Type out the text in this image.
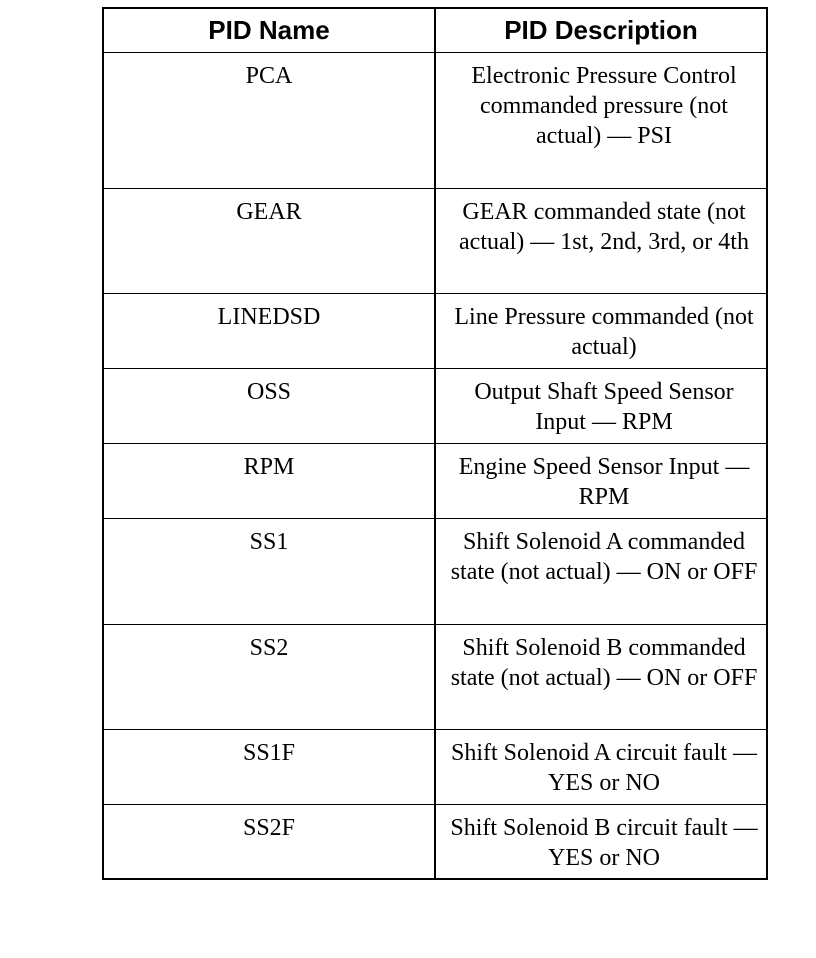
PID Name	PID Description
PCA	Electronic Pressure Control commanded pressure (not actual) — PSI
GEAR	GEAR commanded state (not actual) — 1st, 2nd, 3rd, or 4th
LINEDSD	Line Pressure commanded (not actual)
OSS	Output Shaft Speed Sensor Input — RPM
RPM	Engine Speed Sensor Input — RPM
SS1	Shift Solenoid A commanded state (not actual) — ON or OFF
SS2	Shift Solenoid B commanded state (not actual) — ON or OFF
SS1F	Shift Solenoid A circuit fault — YES or NO
SS2F	Shift Solenoid B circuit fault — YES or NO
